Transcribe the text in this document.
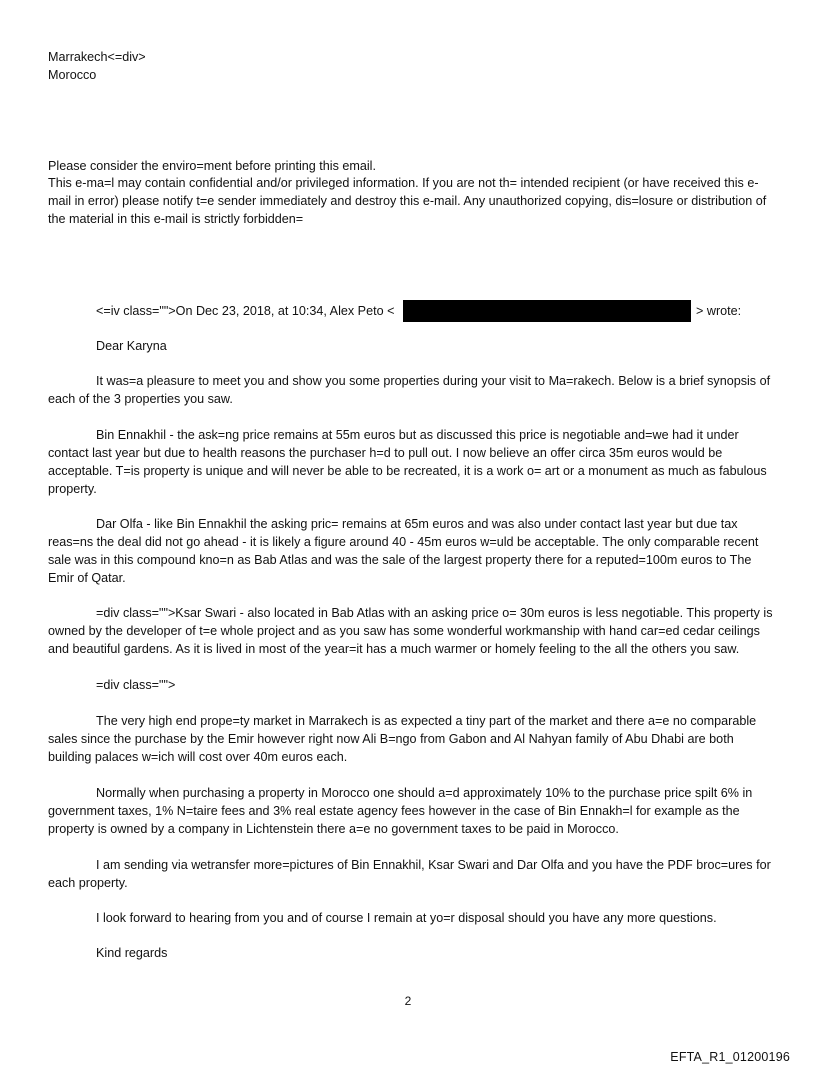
Marrakech<=div>
Morocco
Please consider the enviro=ment before printing this email.

This e-ma=l may contain confidential and/or privileged information. If you are not th= intended recipient (or have received this e-mail in error) please notify t=e sender immediately and destroy this e-mail. Any unauthorized copying, dis=losure or distribution of the material in this e-mail is strictly forbidden=

<=iv class="">On Dec 23, 2018, at 10:34, Alex Peto <	> wrote:
Dear Karyna

It was=a pleasure to meet you and show you some properties during your visit to Ma=rakech. Below is a brief synopsis of each of the 3 properties you saw.

Bin Ennakhil - the ask=ng price remains at 55m euros but as discussed this price is negotiable and=we had it under contact last year but due to health reasons the purchaser h=d to pull out. I now believe an offer circa 35m euros would be acceptable. T=is property is unique and will never be able to be recreated, it is a work o= art or a monument as much as fabulous property.

Dar Olfa - like Bin Ennakhil the asking pric= remains at 65m euros and was also under contact last year but due tax reas=ns the deal did not go ahead - it is likely a figure around 40 - 45m euros w=uld be acceptable. The only comparable recent sale was in this compound kno=n as Bab Atlas and was the sale of the largest property there for a reputed=100m euros to The Emir of Qatar.

=div class="">Ksar Swari - also located in Bab Atlas with an asking price o= 30m euros is less negotiable. This property is owned by the developer of t=e whole project and as you saw has some wonderful workmanship with hand car=ed cedar ceilings and beautiful gardens. As it is lived in most of the year=it has a much warmer or homely feeling to the all the others you saw.

=div class="">

The very high end prope=ty market in Marrakech is as expected a tiny part of the market and there a=e no comparable sales since the purchase by the Emir however right now Ali B=ngo from Gabon and Al Nahyan family of Abu Dhabi are both building palaces w=ich will cost over 40m euros each.

Normally when purchasing a property in Morocco one should a=d approximately 10% to the purchase price spilt 6% in government taxes, 1% N=taire fees and 3% real estate agency fees however in the case of Bin Ennakh=l for example as the property is owned by a company in Lichtenstein there a=e no government taxes to be paid in Morocco.

I am sending via wetransfer more=pictures of Bin Ennakhil, Ksar Swari and Dar Olfa and you have the PDF broc=ures for each property.

I look forward to hearing from you and of course I remain at yo=r disposal should you have any more questions.

Kind regards
2
EFTA_R1_01200196
